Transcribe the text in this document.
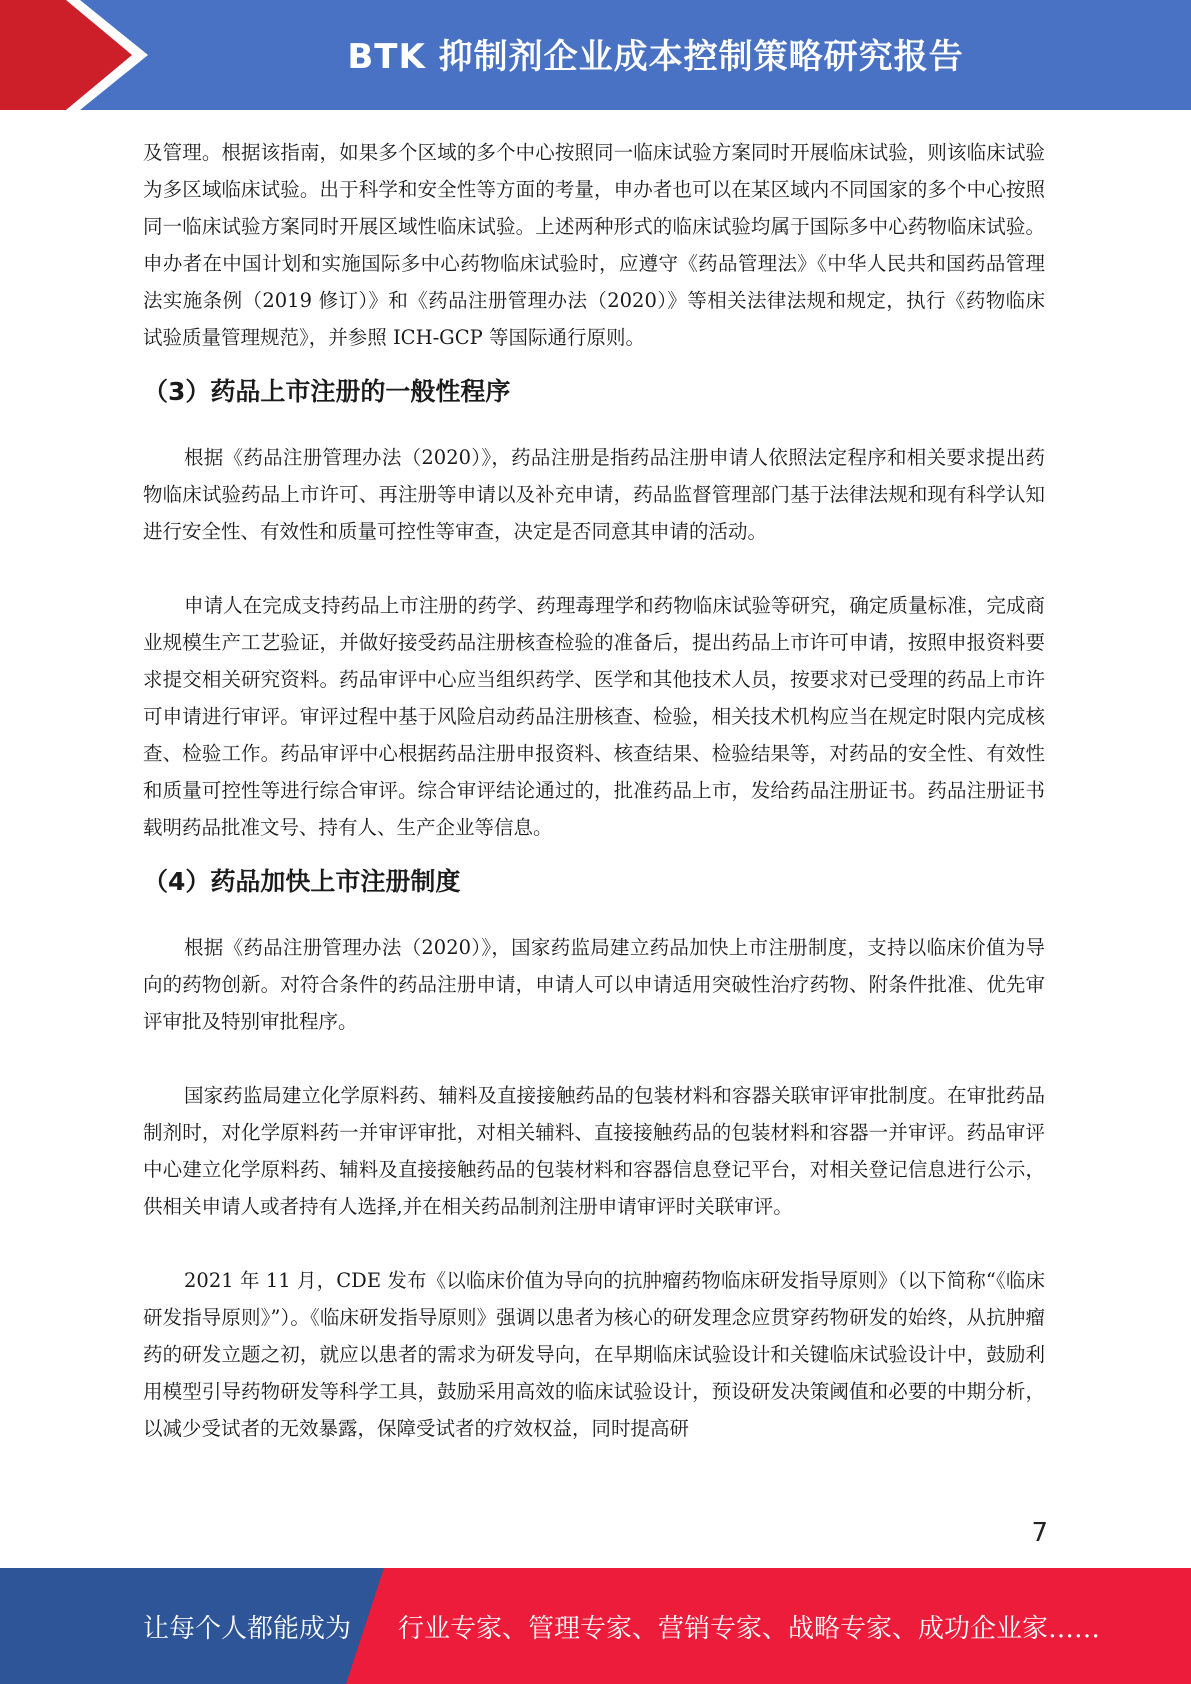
BTK 抑制剂企业成本控制策略研究报告

及管理。根据该指南，如果多个区域的多个中心按照同一临床试验方案同时开展临床试验，则该临床试验为多区域临床试验。出于科学和安全性等方面的考量，申办者也可以在某区域内不同国家的多个中心按照同一临床试验方案同时开展区域性临床试验。上述两种形式的临床试验均属于国际多中心药物临床试验。申办者在中国计划和实施国际多中心药物临床试验时，应遵守《药品管理法》《中华人民共和国药品管理法实施条例（2019 修订）》和《药品注册管理办法（2020）》等相关法律法规和规定，执行《药物临床试验质量管理规范》，并参照 ICH-GCP 等国际通行原则。

（3）药品上市注册的一般性程序

根据《药品注册管理办法（2020）》，药品注册是指药品注册申请人依照法定程序和相关要求提出药物临床试验药品上市许可、再注册等申请以及补充申请，药品监督管理部门基于法律法规和现有科学认知进行安全性、有效性和质量可控性等审查，决定是否同意其申请的活动。

申请人在完成支持药品上市注册的药学、药理毒理学和药物临床试验等研究，确定质量标准，完成商业规模生产工艺验证，并做好接受药品注册核查检验的准备后，提出药品上市许可申请，按照申报资料要求提交相关研究资料。药品审评中心应当组织药学、医学和其他技术人员，按要求对已受理的药品上市许可申请进行审评。审评过程中基于风险启动药品注册核查、检验，相关技术机构应当在规定时限内完成核查、检验工作。药品审评中心根据药品注册申报资料、核查结果、检验结果等，对药品的安全性、有效性和质量可控性等进行综合审评。综合审评结论通过的，批准药品上市，发给药品注册证书。药品注册证书载明药品批准文号、持有人、生产企业等信息。

（4）药品加快上市注册制度

根据《药品注册管理办法（2020）》，国家药监局建立药品加快上市注册制度，支持以临床价值为导向的药物创新。对符合条件的药品注册申请，申请人可以申请适用突破性治疗药物、附条件批准、优先审评审批及特别审批程序。

国家药监局建立化学原料药、辅料及直接接触药品的包装材料和容器关联审评审批制度。在审批药品制剂时，对化学原料药一并审评审批，对相关辅料、直接接触药品的包装材料和容器一并审评。药品审评中心建立化学原料药、辅料及直接接触药品的包装材料和容器信息登记平台，对相关登记信息进行公示，供相关申请人或者持有人选择,并在相关药品制剂注册申请审评时关联审评。

2021 年 11 月，CDE 发布《以临床价值为导向的抗肿瘤药物临床研发指导原则》（以下简称“《临床研发指导原则》”）。《临床研发指导原则》强调以患者为核心的研发理念应贯穿药物研发的始终，从抗肿瘤药的研发立题之初，就应以患者的需求为研发导向，在早期临床试验设计和关键临床试验设计中，鼓励利用模型引导药物研发等科学工具，鼓励采用高效的临床试验设计，预设研发决策阈值和必要的中期分析，以减少受试者的无效暴露，保障受试者的疗效权益，同时提高研

7
让每个人都能成为 行业专家、管理专家、营销专家、战略专家、成功企业家……
